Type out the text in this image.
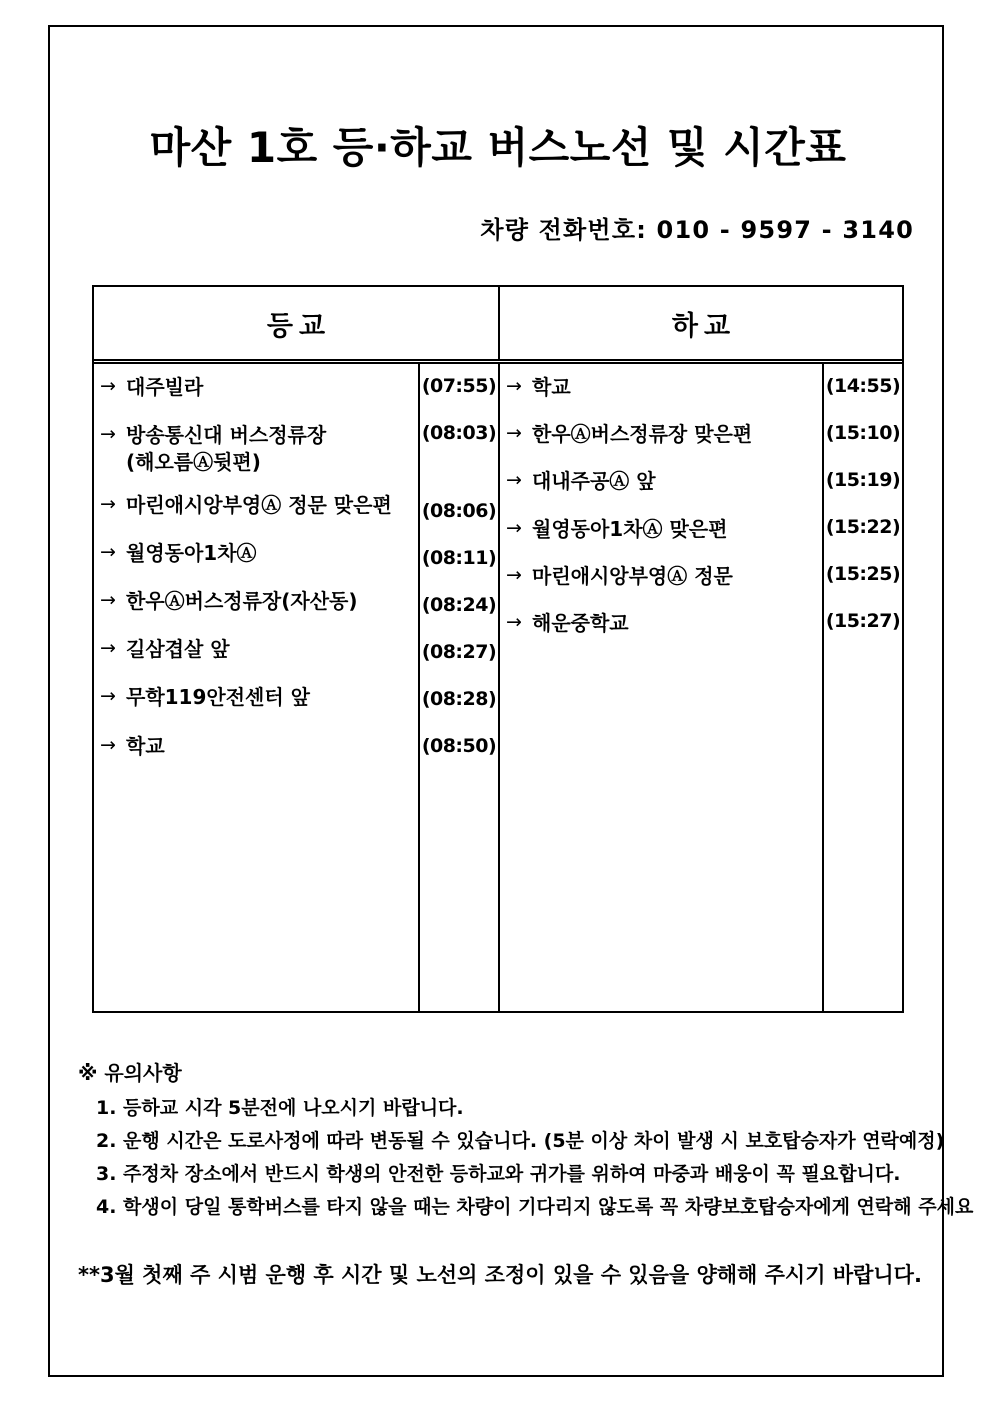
마산 1호 등·하교 버스노선 및 시간표
차량 전화번호: 010 - 9597 - 3140
등교	하교
→ 대주빌라
→ 방송통신대 버스정류장
(해오름Ⓐ뒷편)
→ 마린애시앙부영Ⓐ 정문 맞은편
→ 월영동아1차Ⓐ
→ 한우Ⓐ버스정류장(자산동)
→ 길삼겹살 앞
→ 무학119안전센터 앞
→ 학교
(07:55)
(08:03)
(08:06)
(08:11)
(08:24)
(08:27)
(08:28)
(08:50)
→ 학교
→ 한우Ⓐ버스정류장 맞은편
→ 대내주공Ⓐ 앞
→ 월영동아1차Ⓐ 맞은편
→ 마린애시앙부영Ⓐ 정문
→ 해운중학교
(14:55)
(15:10)
(15:19)
(15:22)
(15:25)
(15:27)
※ 유의사항
1. 등하교 시각 5분전에 나오시기 바랍니다.
2. 운행 시간은 도로사정에 따라 변동될 수 있습니다. (5분 이상 차이 발생 시 보호탑승자가 연락예정)
3. 주정차 장소에서 반드시 학생의 안전한 등하교와 귀가를 위하여 마중과 배웅이 꼭 필요합니다.
4. 학생이 당일 통학버스를 타지 않을 때는 차량이 기다리지 않도록 꼭 차량보호탑승자에게 연락해 주세요
**3월 첫째 주 시범 운행 후 시간 및 노선의 조정이 있을 수 있음을 양해해 주시기 바랍니다.
